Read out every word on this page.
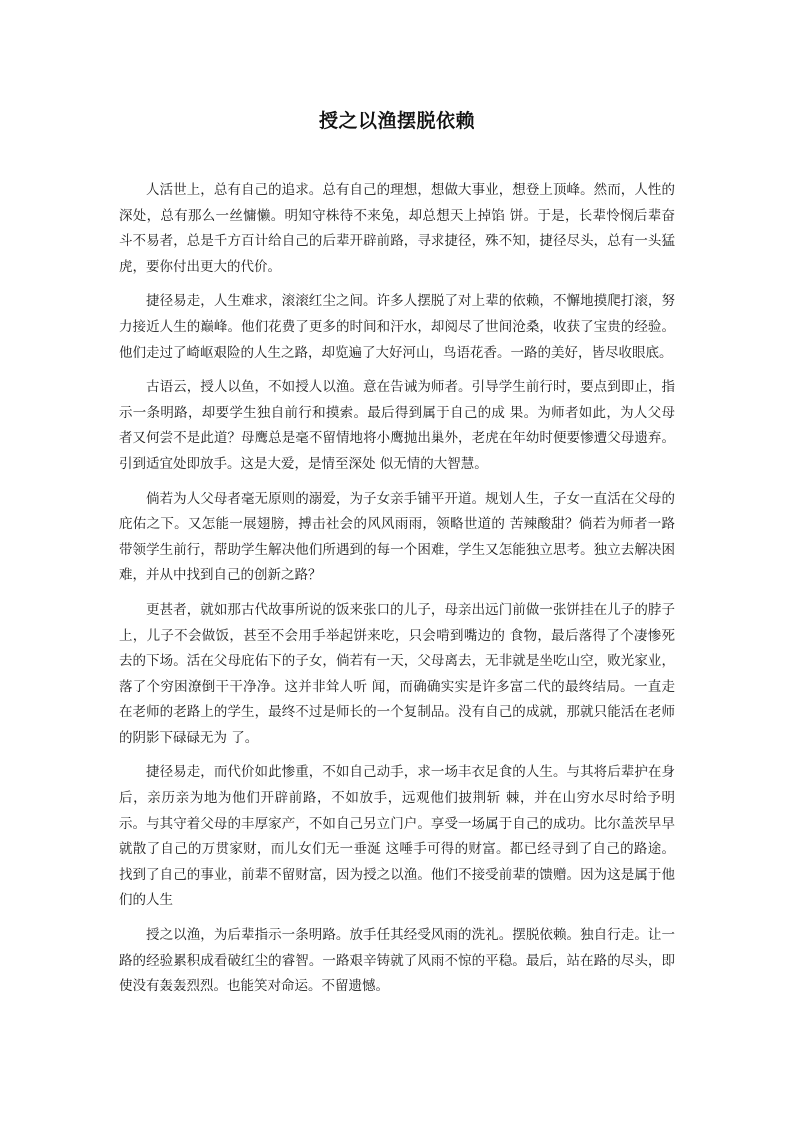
授之以渔摆脱依赖

人活世上，总有自己的追求。总有自己的理想，想做大事业，想登上顶峰。然而，人性的深处，总有那么一丝慵懒。明知守株待不来兔，却总想天上掉馅 饼。于是，长辈怜悯后辈奋斗不易者，总是千方百计给自己的后辈开辟前路，寻求捷径，殊不知，捷径尽头，总有一头猛虎，要你付出更大的代价。

捷径易走，人生难求，滚滚红尘之间。许多人摆脱了对上辈的依赖，不懈地摸爬打滚，努力接近人生的巅峰。他们花费了更多的时间和汗水，却阅尽了世间沧桑，收获了宝贵的经验。他们走过了崎岖艰险的人生之路，却览遍了大好河山，鸟语花香。一路的美好，皆尽收眼底。

古语云，授人以鱼，不如授人以渔。意在告诫为师者。引导学生前行时，要点到即止，指示一条明路，却要学生独自前行和摸索。最后得到属于自己的成 果。为师者如此，为人父母者又何尝不是此道？母鹰总是毫不留情地将小鹰抛出巢外，老虎在年幼时便要惨遭父母遗弃。引到适宜处即放手。这是大爱，是情至深处 似无情的大智慧。

倘若为人父母者毫无原则的溺爱，为子女亲手铺平开道。规划人生，子女一直活在父母的庇佑之下。又怎能一展翅膀，搏击社会的风风雨雨，领略世道的 苦辣酸甜？倘若为师者一路带领学生前行，帮助学生解决他们所遇到的每一个困难，学生又怎能独立思考。独立去解决困难，并从中找到自己的创新之路？

更甚者，就如那古代故事所说的饭来张口的儿子，母亲出远门前做一张饼挂在儿子的脖子上，儿子不会做饭，甚至不会用手举起饼来吃，只会啃到嘴边的 食物，最后落得了个凄惨死去的下场。活在父母庇佑下的子女，倘若有一天，父母离去，无非就是坐吃山空，败光家业，落了个穷困潦倒干干净净。这并非耸人听 闻，而确确实实是许多富二代的最终结局。一直走在老师的老路上的学生，最终不过是师长的一个复制品。没有自己的成就，那就只能活在老师的阴影下碌碌无为 了。

捷径易走，而代价如此惨重，不如自己动手，求一场丰衣足食的人生。与其将后辈护在身后，亲历亲为地为他们开辟前路，不如放手，远观他们披荆斩 棘，并在山穷水尽时给予明示。与其守着父母的丰厚家产，不如自己另立门户。享受一场属于自己的成功。比尔盖茨早早就散了自己的万贯家财，而儿女们无一垂涎 这唾手可得的财富。都已经寻到了自己的路途。找到了自己的事业，前辈不留财富，因为授之以渔。他们不接受前辈的馈赠。因为这是属于他们的人生

授之以渔，为后辈指示一条明路。放手任其经受风雨的洗礼。摆脱依赖。独自行走。让一路的经验累积成看破红尘的睿智。一路艰辛铸就了风雨不惊的平稳。最后，站在路的尽头，即使没有轰轰烈烈。也能笑对命运。不留遗憾。
